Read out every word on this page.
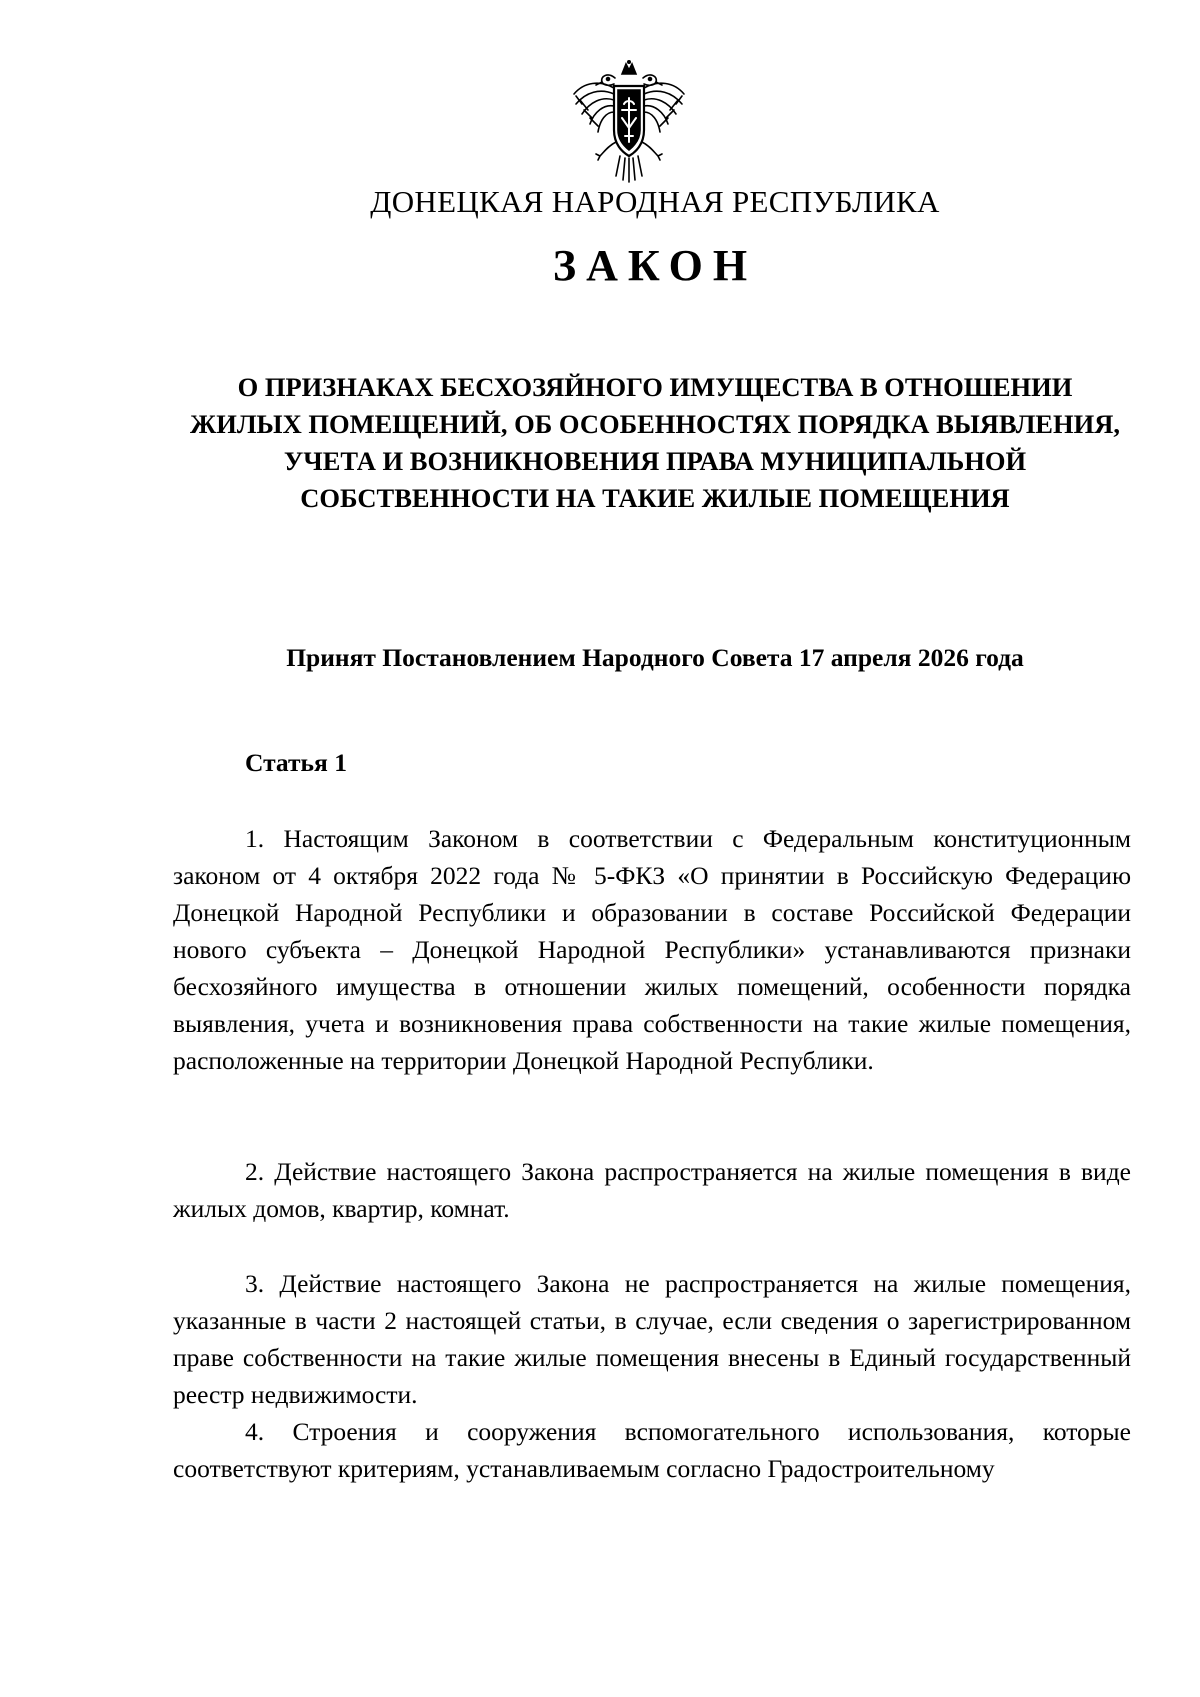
ДОНЕЦКАЯ НАРОДНАЯ РЕСПУБЛИКА
ЗАКОН
О ПРИЗНАКАХ БЕСХОЗЯЙНОГО ИМУЩЕСТВА В ОТНОШЕНИИ ЖИЛЫХ ПОМЕЩЕНИЙ, ОБ ОСОБЕННОСТЯХ ПОРЯДКА ВЫЯВЛЕНИЯ, УЧЕТА И ВОЗНИКНОВЕНИЯ ПРАВА МУНИЦИПАЛЬНОЙ СОБСТВЕННОСТИ НА ТАКИЕ ЖИЛЫЕ ПОМЕЩЕНИЯ
Принят Постановлением Народного Совета 17 апреля 2026 года
Статья 1
1. Настоящим Законом в соответствии с Федеральным конституционным законом от 4 октября 2022 года № 5-ФКЗ «О принятии в Российскую Федерацию Донецкой Народной Республики и образовании в составе Российской Федерации нового субъекта – Донецкой Народной Республики» устанавливаются признаки бесхозяйного имущества в отношении жилых помещений, особенности порядка выявления, учета и возникновения права собственности на такие жилые помещения, расположенные на территории Донецкой Народной Республики.
2. Действие настоящего Закона распространяется на жилые помещения в виде жилых домов, квартир, комнат.
3. Действие настоящего Закона не распространяется на жилые помещения, указанные в части 2 настоящей статьи, в случае, если сведения о зарегистрированном праве собственности на такие жилые помещения внесены в Единый государственный реестр недвижимости.
4. Строения и сооружения вспомогательного использования, которые соответствуют критериям, устанавливаемым согласно Градостроительному
